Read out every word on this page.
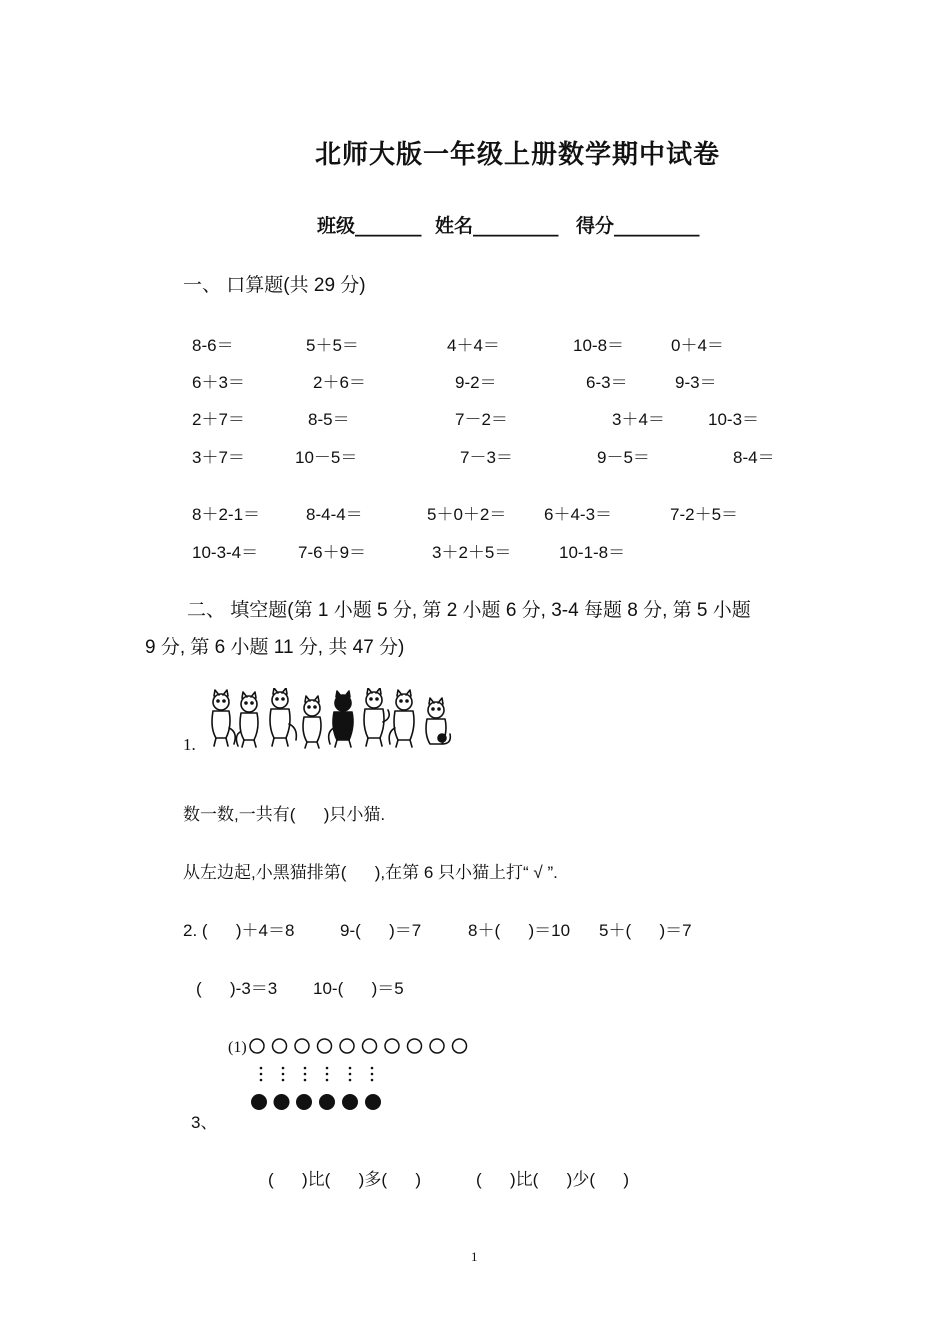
北师大版一年级上册数学期中试卷
班级_______ 姓名_________ 得分_________
一、 口算题(共 29 分)
8-6＝	5＋5＝	4＋4＝	10-8＝	0＋4＝
6＋3＝	2＋6＝	9-2＝	6-3＝	9-3＝
2＋7＝	8-5＝	7－2＝	3＋4＝	10-3＝
3＋7＝	10－5＝	7－3＝	9－5＝	8-4＝
8＋2-1＝	8-4-4＝	5＋0＋2＝ 6＋4-3＝	7-2＋5＝
10-3-4＝ 7-6＋9＝	3＋2＋5＝	10-1-8＝
二、 填空题(第 1 小题 5 分, 第 2 小题 6 分, 3-4 每题 8 分, 第 5 小题
9 分, 第 6 小题 11 分, 共 47 分)
1.
数一数,一共有(      )只小猫.
从左边起,小黑猫排第(      ),在第 6 只小猫上打“ √ ”.
2. (      )＋4＝8	9-(      )＝7	8＋(      )＝10 5＋(      )＝7
(      )-3＝3 10-(      )＝5
(1)
3、
(      )比(      )多(      )	(      )比(      )少(      )
1
